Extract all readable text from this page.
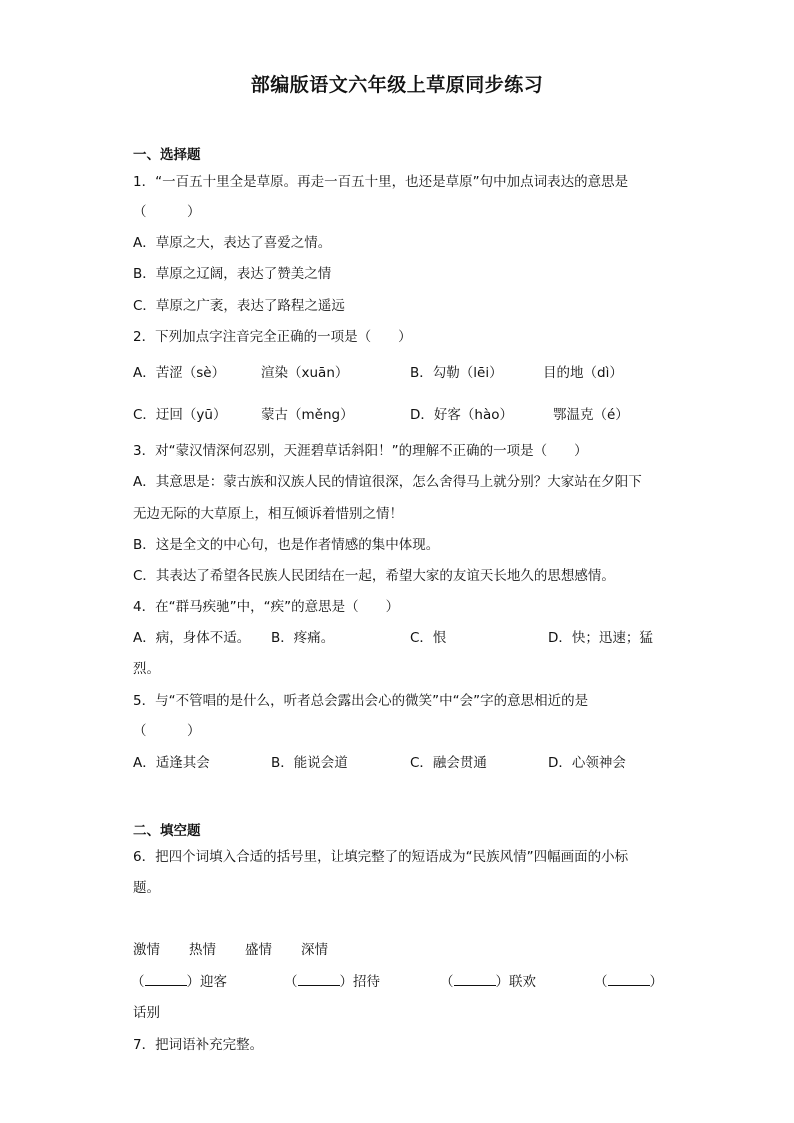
部编版语文六年级上草原同步练习
一、选择题
1．“一百五十里全是草原。再走一百五十里，也还是草原”句中加点词表达的意思是
（　　　）
A．草原之大，表达了喜爱之情。
B．草原之辽阔，表达了赞美之情
C．草原之广袤，表达了路程之遥远
2．下列加点字注音完全正确的一项是（　　）
A．苦涩（sè）	渲染（xuān）	B．勾勒（lēi）	目的地（dì）
C．迂回（yū）	蒙古（měng）	D．好客（hào）	鄂温克（é）
3．对“蒙汉情深何忍别，天涯碧草话斜阳！”的理解不正确的一项是（　　）
A．其意思是：蒙古族和汉族人民的情谊很深，怎么舍得马上就分别？大家站在夕阳下
无边无际的大草原上，相互倾诉着惜别之情！
B．这是全文的中心句，也是作者情感的集中体现。
C．其表达了希望各民族人民团结在一起，希望大家的友谊天长地久的思想感情。
4．在“群马疾驰”中，“疾”的意思是（　　）
A．病，身体不适。 B．疼痛。	C．恨	D．快；迅速；猛
烈。
5．与“不管唱的是什么，听者总会露出会心的微笑”中“会”字的意思相近的是
（　　　）
A．适逢其会	B．能说会道	C．融会贯通	D．心领神会
二、填空题
6．把四个词填入合适的括号里，让填完整了的短语成为“民族风情”四幅画面的小标
题。
激情 热情 盛情 深情
（	）迎客	（	）招待	（	）联欢	（	）
话别
7．把词语补充完整。
